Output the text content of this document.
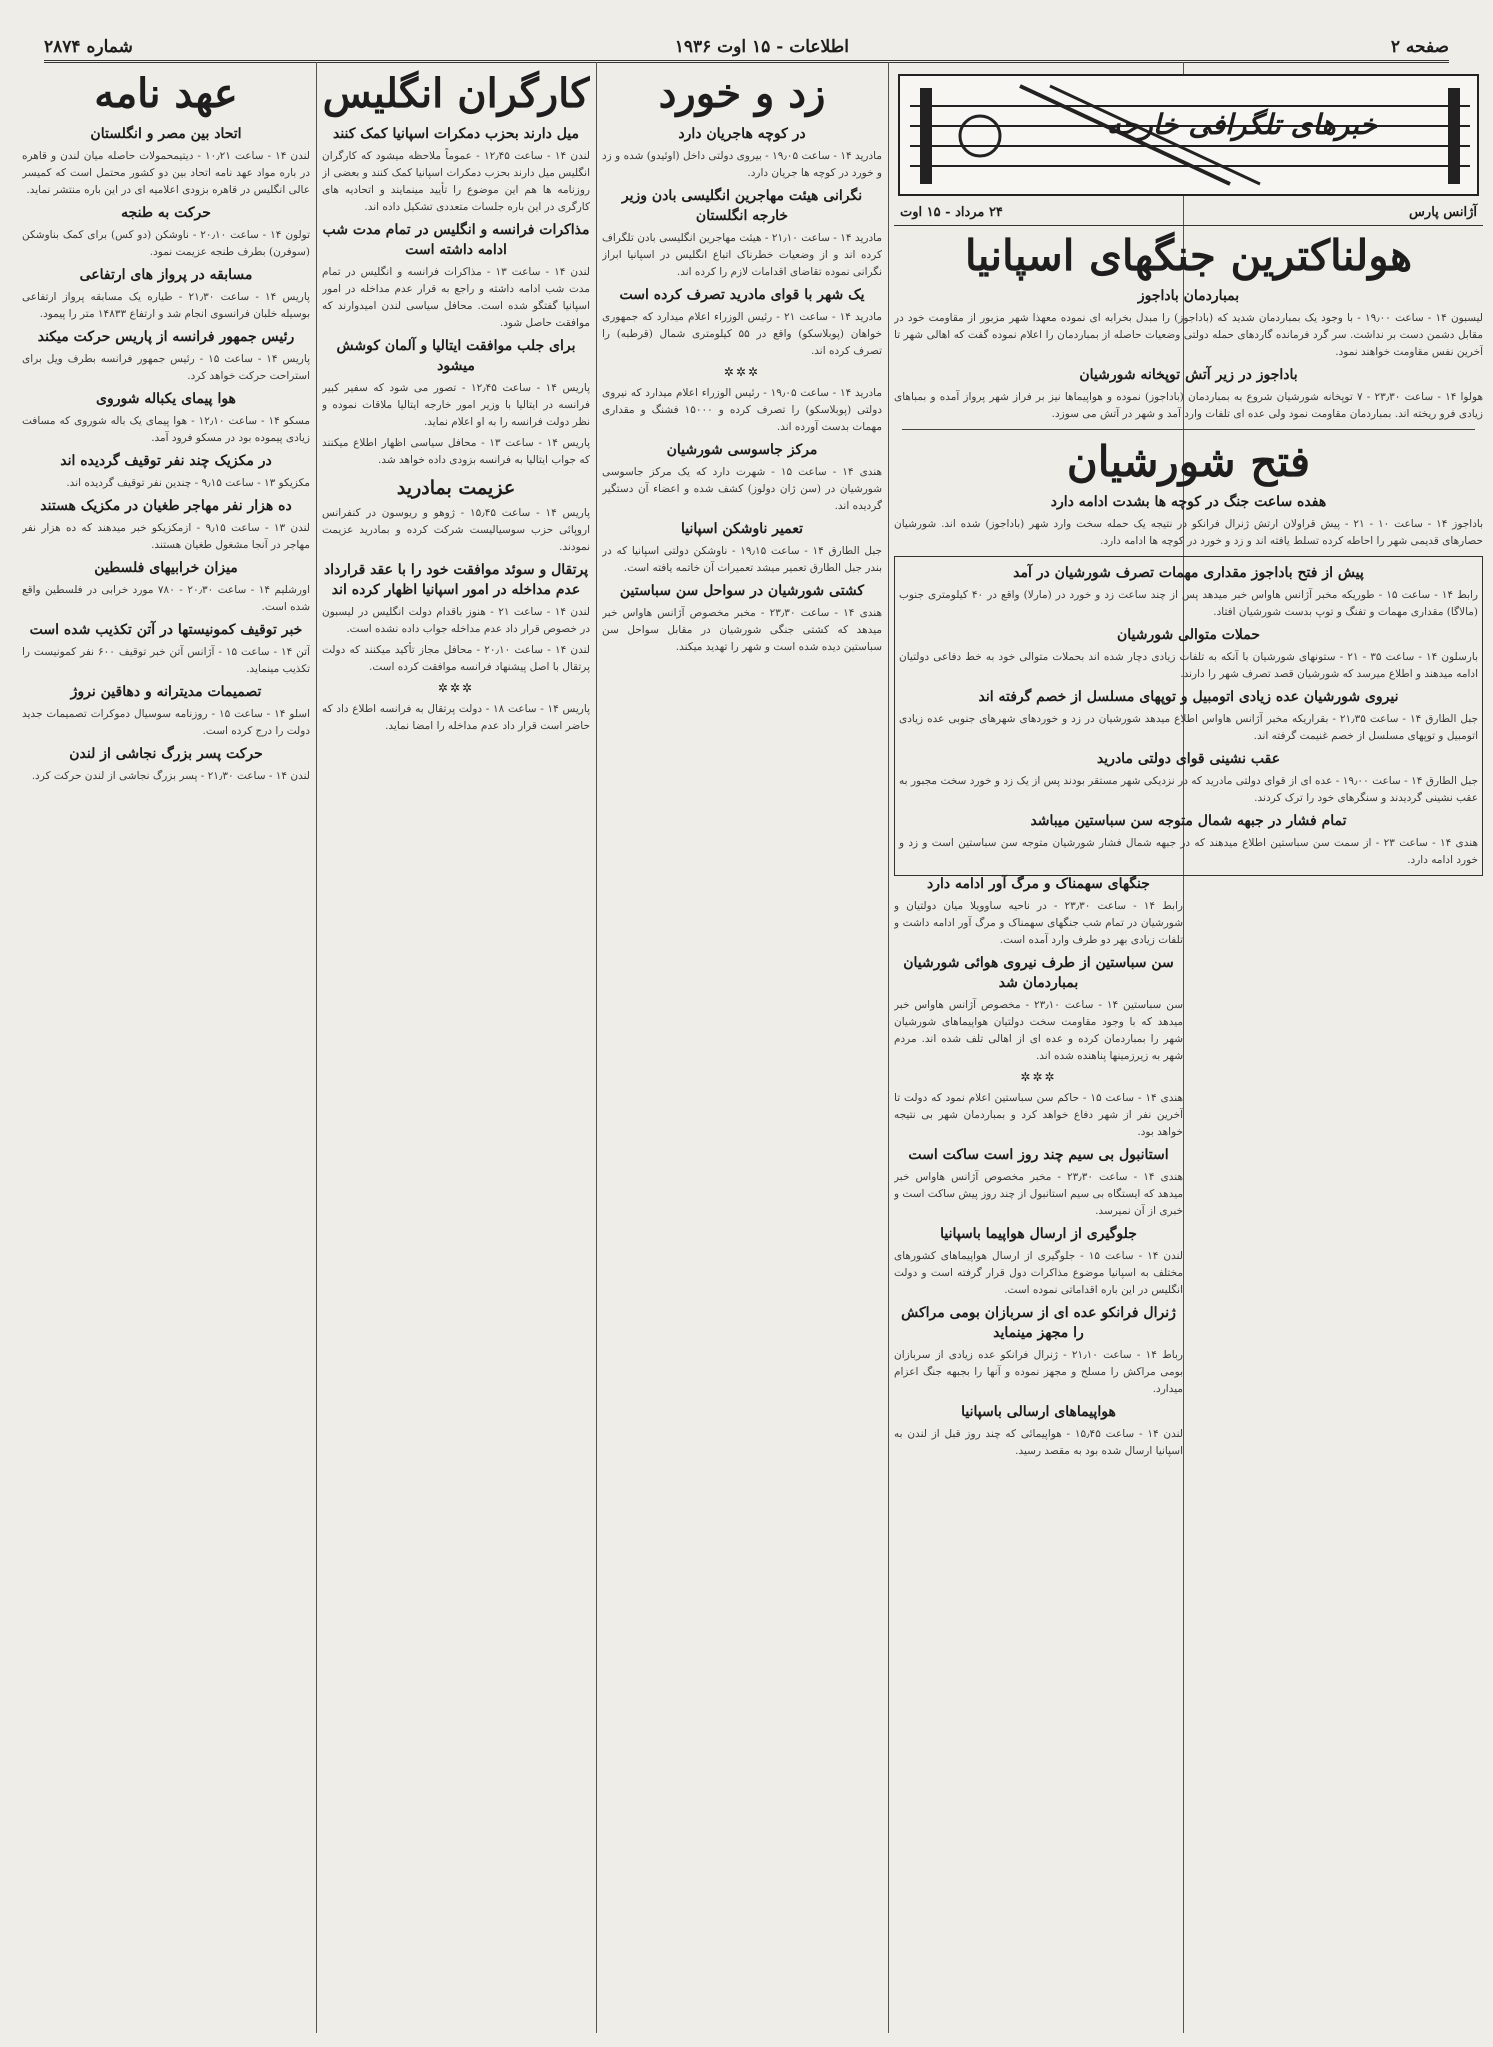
صفحه ۲
اطلاعات - ۱۵ اوت ۱۹۳۶
شماره ۲۸۷۴
خبرهای تلگرافی خارجه
آژانس پارس
۲۴ مرداد - ۱۵ اوت
هولناکترین جنگهای اسپانیا
بمباردمان باداجوز

لیسبون ۱۴ - ساعت ۱۹٫۰۰ - با وجود یک بمباردمان شدید که (باداجوز) را مبدل بخرابه ای نموده معهذا شهر مزبور از مقاومت خود در مقابل دشمن دست بر نداشت. سر گرد فرمانده گاردهای حمله دولتی وضعیات حاصله از بمباردمان را اعلام نموده گفت که اهالی شهر تا آخرین نفس مقاومت خواهند نمود.

باداجوز در زیر آتش توپخانه شورشیان

هولوا ۱۴ - ساعت ۲۳٫۳۰ - ۷ توپخانه شورشیان شروع به بمباردمان (باداجوز) نموده و هواپیماها نیز بر فراز شهر پرواز آمده و بمباهای زیادی فرو ریخته اند. بمباردمان مقاومت نمود ولی عده ای تلفات وارد آمد و شهر در آتش می سوزد.

فتح شورشیان
هفده ساعت جنگ در کوچه ها بشدت ادامه دارد

باداجوز ۱۴ - ساعت ۱۰ - ۲۱ - پیش قراولان ارتش ژنرال فرانکو در نتیجه یک حمله سخت وارد شهر (باداجوز) شده اند. شورشیان حصارهای قدیمی شهر را احاطه کرده تسلط یافته اند و زد و خورد در کوچه ها ادامه دارد.

پیش از فتح باداجوز مقداری مهمات تصرف شورشیان در آمد

رابط ۱۴ - ساعت ۱۵ - طوریکه مخبر آژانس هاواس خبر میدهد پس از چند ساعت زد و خورد در (مارلا) واقع در ۴۰ کیلومتری جنوب (مالاگا) مقداری مهمات و تفنگ و توپ بدست شورشیان افتاد.

حملات متوالی شورشیان

بارسلون ۱۴ - ساعت ۳۵ - ۲۱ - ستونهای شورشیان با آنکه به تلفات زیادی دچار شده اند بحملات متوالی خود به خط دفاعی دولتیان ادامه میدهند و اطلاع میرسد که شورشیان قصد تصرف شهر را دارند.

نیروی شورشیان عده زیادی اتومبیل و توپهای مسلسل از خصم گرفته اند

جبل الطارق ۱۴ - ساعت ۲۱٫۳۵ - بقراریکه مخبر آژانس هاواس اطلاع میدهد شورشیان در زد و خوردهای شهرهای جنوبی عده زیادی اتومبیل و توپهای مسلسل از خصم غنیمت گرفته اند.

عقب نشینی قوای دولتی مادرید

جبل الطارق ۱۴ - ساعت ۱۹٫۰۰ - عده ای از قوای دولتی مادرید که در نزدیکی شهر مستقر بودند پس از یک زد و خورد سخت مجبور به عقب نشینی گردیدند و سنگرهای خود را ترک کردند.

تمام فشار در جبهه شمال متوجه سن سباستین میباشد

هندی ۱۴ - ساعت ۲۳ - از سمت سن سباستین اطلاع میدهند که در جبهه شمال فشار شورشیان متوجه سن سباستین است و زد و خورد ادامه دارد.

جنگهای سهمناک و مرگ آور ادامه دارد

رابط ۱۴ - ساعت ۲۳٫۳۰ - در ناحیه ساوویلا میان دولتیان و شورشیان در تمام شب جنگهای سهمناک و مرگ آور ادامه داشت و تلفات زیادی بهر دو طرف وارد آمده است.

سن سباستین از طرف نیروی هوائی شورشیان بمباردمان شد

سن سباستین ۱۴ - ساعت ۲۳٫۱۰ - مخصوص آژانس هاواس خبر میدهد که با وجود مقاومت سخت دولتیان هواپیماهای شورشیان شهر را بمباردمان کرده و عده ای از اهالی تلف شده اند. مردم شهر به زیرزمینها پناهنده شده اند.

✲✲✲

هندی ۱۴ - ساعت ۱۵ - حاکم سن سباستین اعلام نمود که دولت تا آخرین نفر از شهر دفاع خواهد کرد و بمباردمان شهر بی نتیجه خواهد بود.

استانبول بی سیم چند روز است ساکت است

هندی ۱۴ - ساعت ۲۳٫۳۰ - مخبر مخصوص آژانس هاواس خبر میدهد که ایستگاه بی سیم استانبول از چند روز پیش ساکت است و خبری از آن نمیرسد.

جلوگیری از ارسال هواپیما باسپانیا

لندن ۱۴ - ساعت ۱۵ - جلوگیری از ارسال هواپیماهای کشورهای مختلف به اسپانیا موضوع مذاکرات دول قرار گرفته است و دولت انگلیس در این باره اقداماتی نموده است.

ژنرال فرانکو عده ای از سربازان بومی مراکش را مجهز مینماید

رباط ۱۴ - ساعت ۲۱٫۱۰ - ژنرال فرانکو عده زیادی از سربازان بومی مراکش را مسلح و مجهز نموده و آنها را بجبهه جنگ اعزام میدارد.

هواپیماهای ارسالی باسپانیا

لندن ۱۴ - ساعت ۱۵٫۴۵ - هواپیمائی که چند روز قبل از لندن به اسپانیا ارسال شده بود به مقصد رسید.

زد و خورد
در کوچه هاجریان دارد

مادرید ۱۴ - ساعت ۱۹٫۰۵ - بیروی دولتی داخل (اوئیدو) شده و زد و خورد در کوچه ها جریان دارد.

نگرانی هیئت مهاجرین انگلیسی بادن وزیر خارجه انگلستان

مادرید ۱۴ - ساعت ۲۱٫۱۰ - هیئت مهاجرین انگلیسی بادن تلگراف کرده اند و از وضعیات خطرناک اتباع انگلیس در اسپانیا ابراز نگرانی نموده تقاضای اقدامات لازم را کرده اند.

یک شهر با قوای مادرید تصرف کرده است

مادرید ۱۴ - ساعت ۲۱ - رئیس الوزراء اعلام میدارد که جمهوری خواهان (پوبلاسکو) واقع در ۵۵ کیلومتری شمال (قرطبه) را تصرف کرده اند.

✲✲✲

مادرید ۱۴ - ساعت ۱۹٫۰۵ - رئیس الوزراء اعلام میدارد که نیروی دولتی (پوبلاسکو) را تصرف کرده و ۱۵۰۰۰ فشنگ و مقداری مهمات بدست آورده اند.

مرکز جاسوسی شورشیان

هندی ۱۴ - ساعت ۱۵ - شهرت دارد که یک مرکز جاسوسی شورشیان در (سن ژان دولوز) کشف شده و اعضاء آن دستگیر گردیده اند.

تعمیر ناوشکن اسپانیا

جبل الطارق ۱۴ - ساعت ۱۹٫۱۵ - ناوشکن دولتی اسپانیا که در بندر جبل الطارق تعمیر میشد تعمیرات آن خاتمه یافته است.

کشتی شورشیان در سواحل سن سباستین

هندی ۱۴ - ساعت ۲۳٫۳۰ - مخبر مخصوص آژانس هاواس خبر میدهد که کشتی جنگی شورشیان در مقابل سواحل سن سباستین دیده شده است و شهر را تهدید میکند.

کارگران انگلیس
میل دارند بحزب دمکرات اسپانیا کمک کنند

لندن ۱۴ - ساعت ۱۲٫۴۵ - عموماً ملاحظه میشود که کارگران انگلیس میل دارند بحزب دمکرات اسپانیا کمک کنند و بعضی از روزنامه ها هم این موضوع را تأیید مینمایند و اتحادیه های کارگری در این باره جلسات متعددی تشکیل داده اند.

مذاکرات فرانسه و انگلیس در تمام مدت شب ادامه داشته است

لندن ۱۴ - ساعت ۱۳ - مذاکرات فرانسه و انگلیس در تمام مدت شب ادامه داشته و راجع به قرار عدم مداخله در امور اسپانیا گفتگو شده است. محافل سیاسی لندن امیدوارند که موافقت حاصل شود.

برای جلب موافقت ایتالیا و آلمان کوشش میشود

پاریس ۱۴ - ساعت ۱۲٫۴۵ - تصور می شود که سفیر کبیر فرانسه در ایتالیا با وزیر امور خارجه ایتالیا ملاقات نموده و نظر دولت فرانسه را به او اعلام نماید.

پاریس ۱۴ - ساعت ۱۳ - محافل سیاسی اظهار اطلاع میکنند که جواب ایتالیا به فرانسه بزودی داده خواهد شد.

عزیمت بمادرید

پاریس ۱۴ - ساعت ۱۵٫۴۵ - ژوهو و ریوسون در کنفرانس اروپائی حزب سوسیالیست شرکت کرده و بمادرید عزیمت نمودند.

پرتقال و سوئد موافقت خود را با عقد قرارداد عدم مداخله در امور اسپانیا اظهار کرده اند

لندن ۱۴ - ساعت ۲۱ - هنوز باقدام دولت انگلیس در لیسبون در خصوص قرار داد عدم مداخله جواب داده نشده است.

لندن ۱۴ - ساعت ۲۰٫۱۰ - محافل مجاز تأکید میکنند که دولت پرتقال با اصل پیشنهاد فرانسه موافقت کرده است.

✲✲✲

پاریس ۱۴ - ساعت ۱۸ - دولت پرتقال به فرانسه اطلاع داد که حاضر است قرار داد عدم مداخله را امضا نماید.

عهد نامه
اتحاد بین مصر و انگلستان

لندن ۱۴ - ساعت ۱۰٫۲۱ - دیتیمحمولات حاصله میان لندن و قاهره در باره مواد عهد نامه اتحاد بین دو کشور محتمل است که کمیسر عالی انگلیس در قاهره بزودی اعلامیه ای در این باره منتشر نماید.

حرکت به طنجه

تولون ۱۴ - ساعت ۲۰٫۱۰ - ناوشکن (دو کس) برای کمک بناوشکن (سوفرن) بطرف طنجه عزیمت نمود.

مسابقه در پرواز های ارتفاعی

پاریس ۱۴ - ساعت ۲۱٫۳۰ - طیاره یک مسابقه پرواز ارتفاعی بوسیله خلبان فرانسوی انجام شد و ارتفاع ۱۴۸۳۳ متر را پیمود.

رئیس جمهور فرانسه از پاریس حرکت میکند

پاریس ۱۴ - ساعت ۱۵ - رئیس جمهور فرانسه بطرف ویل برای استراحت حرکت خواهد کرد.

هوا پیمای یکباله شوروی

مسکو ۱۴ - ساعت ۱۲٫۱۰ - هوا پیمای یک باله شوروی که مسافت زیادی پیموده بود در مسکو فرود آمد.

در مکزیک چند نفر توقیف گردیده اند

مکزیکو ۱۳ - ساعت ۹٫۱۵ - چندین نفر توقیف گردیده اند.

ده هزار نفر مهاجر طغیان در مکزیک هستند

لندن ۱۳ - ساعت ۹٫۱۵ - ازمکزیکو خبر میدهند که ده هزار نفر مهاجر در آنجا مشغول طغیان هستند.

میزان خرابیهای فلسطین

اورشلیم ۱۴ - ساعت ۲۰٫۳۰ - ۷۸۰ مورد خرابی در فلسطین واقع شده است.

خبر توقیف کمونیستها در آتن تکذیب شده است

آتن ۱۴ - ساعت ۱۵ - آژانس آتن خبر توقیف ۶۰۰ نفر کمونیست را تکذیب مینماید.

تصمیمات مدیترانه و دهاقین نروژ

اسلو ۱۴ - ساعت ۱۵ - روزنامه سوسیال دموکرات تصمیمات جدید دولت را درج کرده است.

حرکت پسر بزرگ نجاشی از لندن

لندن ۱۴ - ساعت ۲۱٫۳۰ - پسر بزرگ نجاشی از لندن حرکت کرد.
